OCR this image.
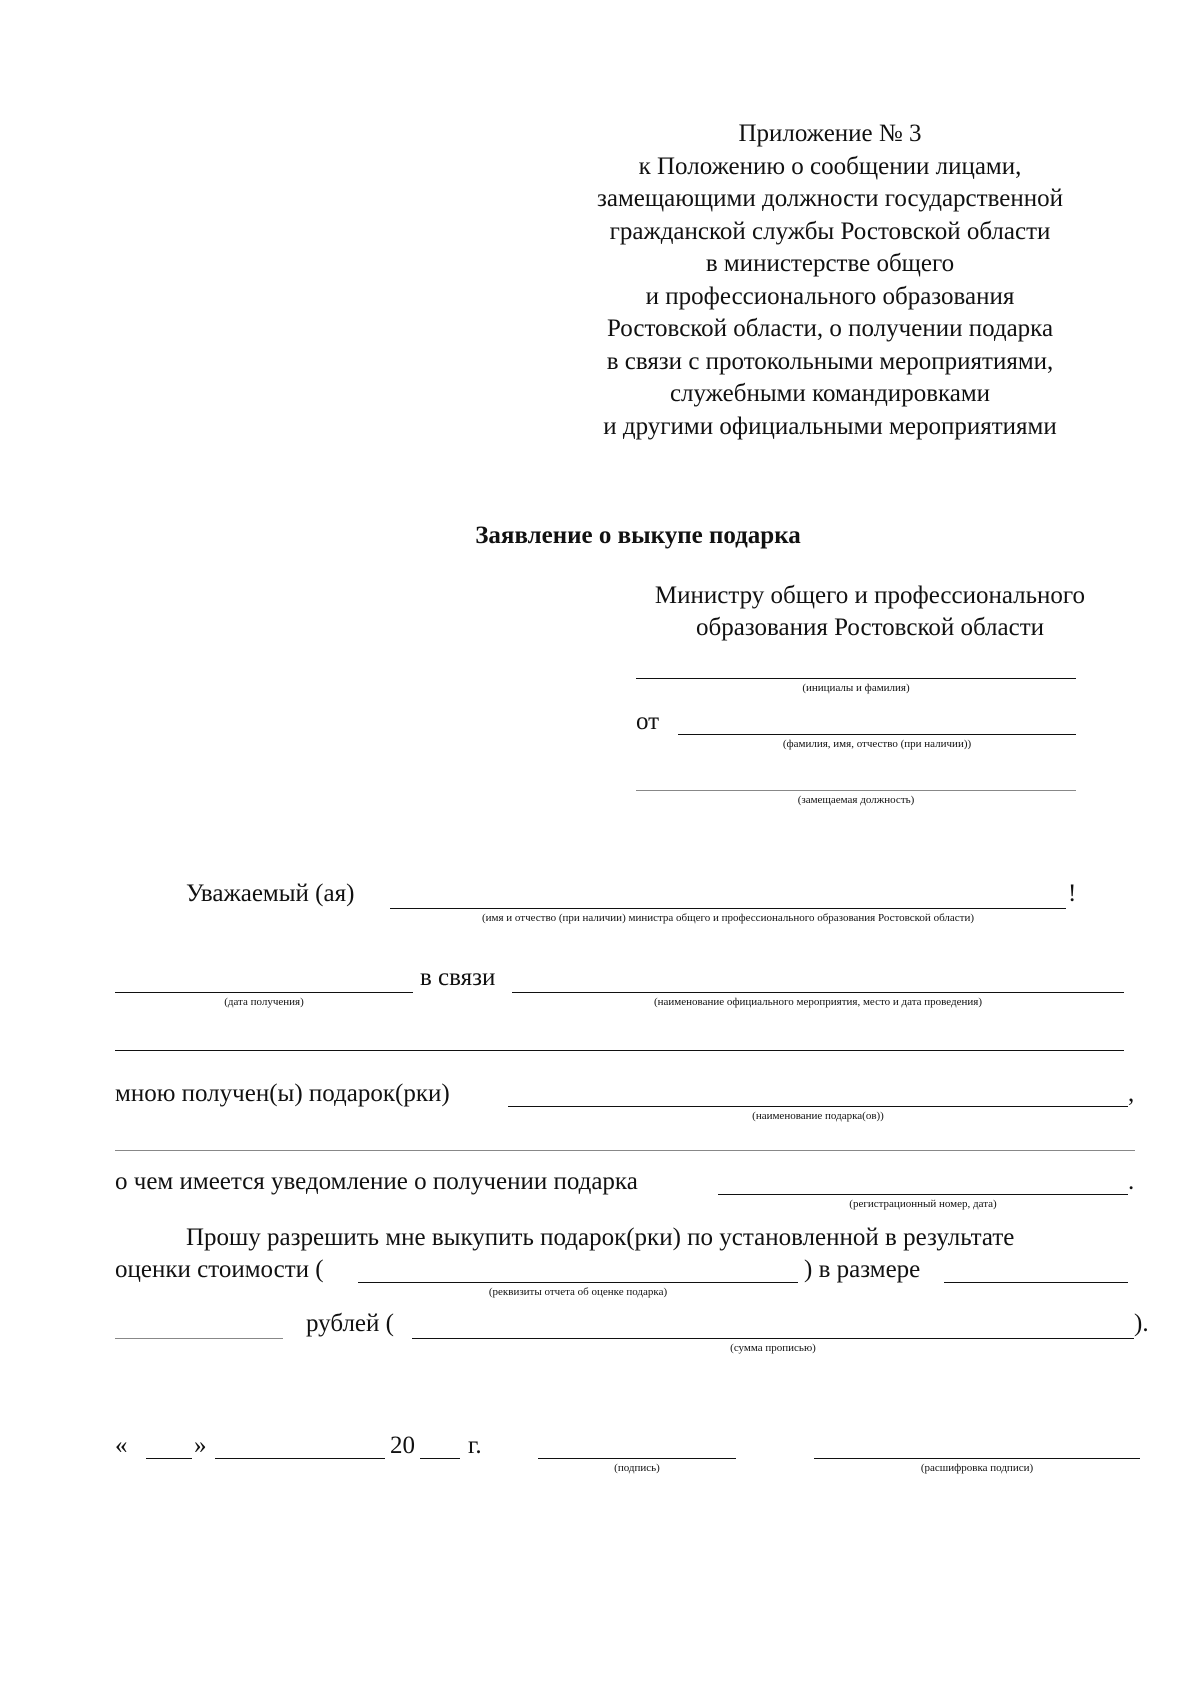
Приложение № 3
к Положению о сообщении лицами,
замещающими должности государственной
гражданской службы Ростовской области
в министерстве общего
и профессионального образования
Ростовской области, о получении подарка
в связи с протокольными мероприятиями,
служебными командировками
и другими официальными мероприятиями
Заявление о выкупе подарка
Министру общего и профессионального
образования Ростовской области
(инициалы и фамилия)
от
(фамилия, имя, отчество (при наличии))
(замещаемая должность)
Уважаемый (ая)	!
(имя и отчество (при наличии) министра общего и профессионального образования Ростовской области)
(дата получения)
в связи
(наименование официального мероприятия, место и дата проведения)
мною получен(ы) подарок(рки)	,
(наименование подарка(ов))
о чем имеется уведомление о получении подарка	.
(регистрационный номер, дата)
Прошу разрешить мне выкупить подарок(рки) по установленной в результате
оценки стоимости (
(реквизиты отчета об оценке подарка)
) в размере
рублей (	).
(сумма прописью)
«	»	20 г.
(подпись)	(расшифровка подписи)
